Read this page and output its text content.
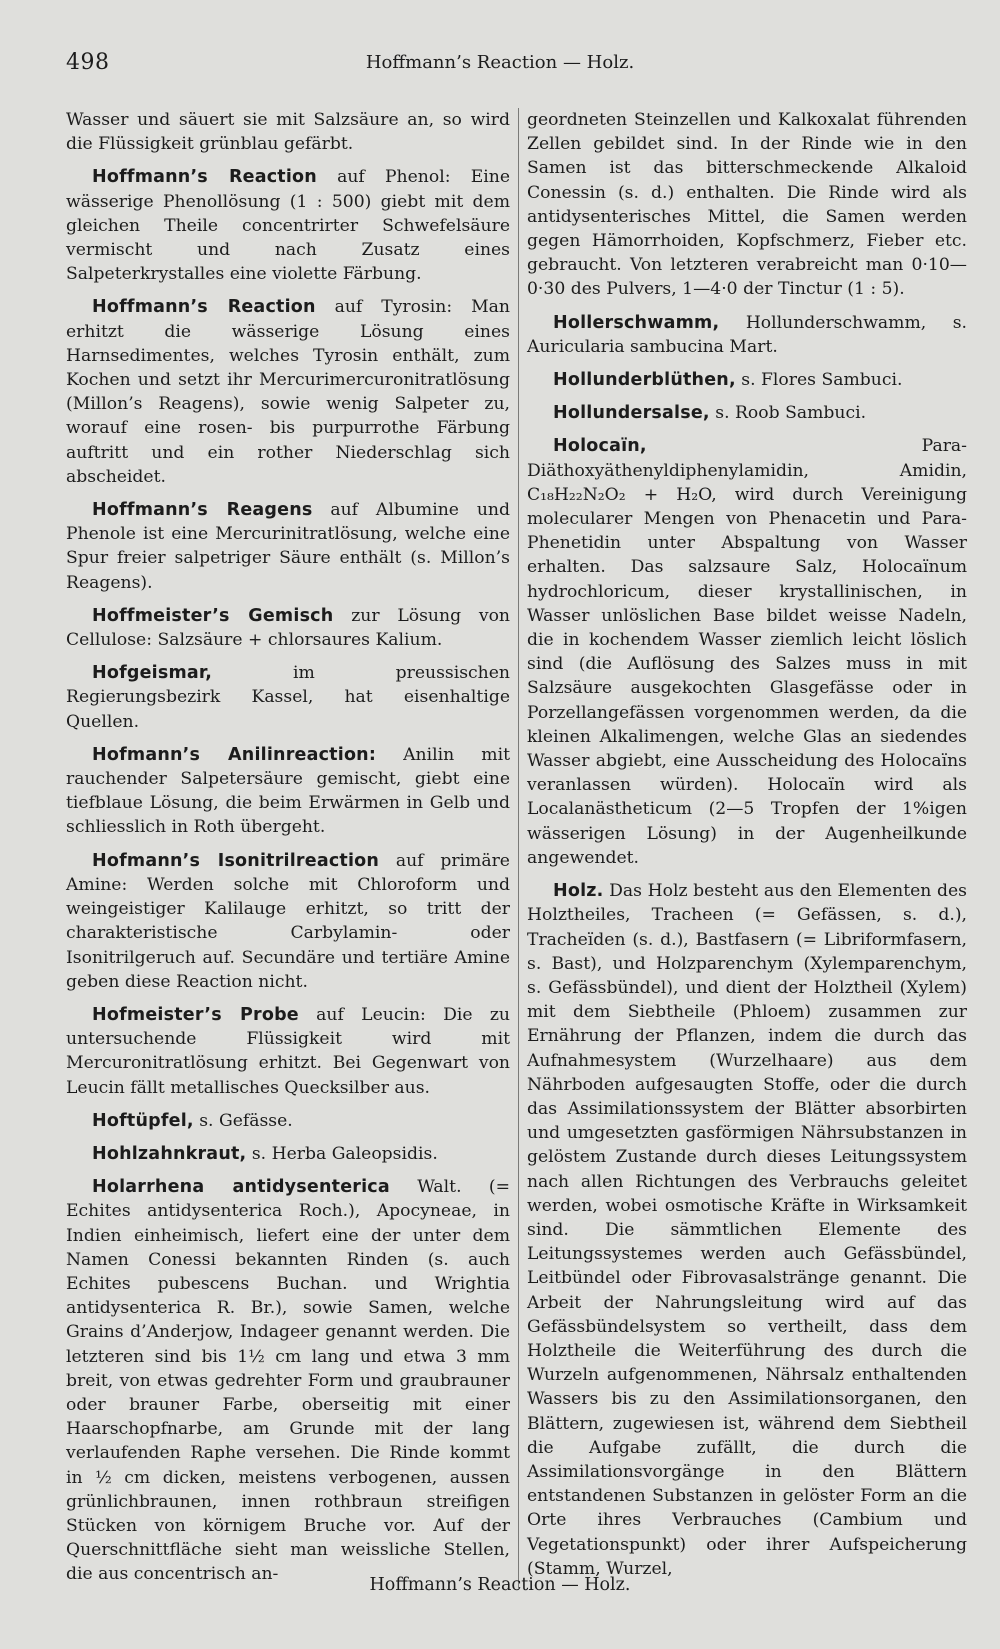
498	Hoffmann’s Reaction — Holz.

Wasser und säuert sie mit Salzsäure an, so wird die Flüssigkeit grünblau gefärbt.

Hoffmann’s Reaction auf Phenol: Eine wässerige Phenollösung (1 : 500) giebt mit dem gleichen Theile concentrirter Schwefelsäure vermischt und nach Zusatz eines Salpeterkrystalles eine violette Färbung.

Hoffmann’s Reaction auf Tyrosin: Man erhitzt die wässerige Lösung eines Harnsedimentes, welches Tyrosin enthält, zum Kochen und setzt ihr Mercurimercuronitratlösung (Millon’s Reagens), sowie wenig Salpeter zu, worauf eine rosen- bis purpurrothe Färbung auftritt und ein rother Niederschlag sich abscheidet.

Hoffmann’s Reagens auf Albumine und Phenole ist eine Mercurinitratlösung, welche eine Spur freier salpetriger Säure enthält (s. Millon’s Reagens).

Hoffmeister’s Gemisch zur Lösung von Cellulose: Salzsäure + chlorsaures Kalium.

Hofgeismar, im preussischen Regierungsbezirk Kassel, hat eisenhaltige Quellen.

Hofmann’s Anilinreaction: Anilin mit rauchender Salpetersäure gemischt, giebt eine tiefblaue Lösung, die beim Erwärmen in Gelb und schliesslich in Roth übergeht.

Hofmann’s Isonitrilreaction auf primäre Amine: Werden solche mit Chloroform und weingeistiger Kalilauge erhitzt, so tritt der charakteristische Carbylamin- oder Isonitrilgeruch auf. Secundäre und tertiäre Amine geben diese Reaction nicht.

Hofmeister’s Probe auf Leucin: Die zu untersuchende Flüssigkeit wird mit Mercuronitratlösung erhitzt. Bei Gegenwart von Leucin fällt metallisches Quecksilber aus.

Hoftüpfel, s. Gefässe.

Hohlzahnkraut, s. Herba Galeopsidis.

Holarrhena antidysenterica Walt. (= Echites antidysenterica Roch.), Apocyneae, in Indien einheimisch, liefert eine der unter dem Namen Conessi bekannten Rinden (s. auch Echites pubescens Buchan. und Wrightia antidysenterica R. Br.), sowie Samen, welche Grains d’Anderjow, Indageer genannt werden. Die letzteren sind bis 1½ cm lang und etwa 3 mm breit, von etwas gedrehter Form und graubrauner oder brauner Farbe, oberseitig mit einer Haarschopfnarbe, am Grunde mit der lang verlaufenden Raphe versehen. Die Rinde kommt in ½ cm dicken, meistens verbogenen, aussen grünlichbraunen, innen rothbraun streifigen Stücken von körnigem Bruche vor. Auf der Querschnittfläche sieht man weissliche Stellen, die aus concentrisch an-

geordneten Steinzellen und Kalkoxalat führenden Zellen gebildet sind. In der Rinde wie in den Samen ist das bitterschmeckende Alkaloid Conessin (s. d.) enthalten. Die Rinde wird als antidysenterisches Mittel, die Samen werden gegen Hämorrhoiden, Kopfschmerz, Fieber etc. gebraucht. Von letzteren verabreicht man 0·10—0·30 des Pulvers, 1—4·0 der Tinctur (1 : 5).

Hollerschwamm, Hollunderschwamm, s. Auricularia sambucina Mart.

Hollunderblüthen, s. Flores Sambuci.

Hollundersalse, s. Roob Sambuci.

Holocaïn, Para-Diäthoxyäthenyldiphenylamidin, Amidin, C₁₈H₂₂N₂O₂ + H₂O, wird durch Vereinigung molecularer Mengen von Phenacetin und Para-Phenetidin unter Abspaltung von Wasser erhalten. Das salzsaure Salz, Holocaïnum hydrochloricum, dieser krystallinischen, in Wasser unlöslichen Base bildet weisse Nadeln, die in kochendem Wasser ziemlich leicht löslich sind (die Auflösung des Salzes muss in mit Salzsäure ausgekochten Glasgefässe oder in Porzellangefässen vorgenommen werden, da die kleinen Alkalimengen, welche Glas an siedendes Wasser abgiebt, eine Ausscheidung des Holocaïns veranlassen würden). Holocaïn wird als Localanästheticum (2—5 Tropfen der 1%igen wässerigen Lösung) in der Augenheilkunde angewendet.

Holz. Das Holz besteht aus den Elementen des Holztheiles, Tracheen (= Gefässen, s. d.), Tracheïden (s. d.), Bastfasern (= Libriformfasern, s. Bast), und Holzparenchym (Xylemparenchym, s. Gefässbündel), und dient der Holztheil (Xylem) mit dem Siebtheile (Phloem) zusammen zur Ernährung der Pflanzen, indem die durch das Aufnahmesystem (Wurzelhaare) aus dem Nährboden aufgesaugten Stoffe, oder die durch das Assimilationssystem der Blätter absorbirten und umgesetzten gasförmigen Nährsubstanzen in gelöstem Zustande durch dieses Leitungssystem nach allen Richtungen des Verbrauchs geleitet werden, wobei osmotische Kräfte in Wirksamkeit sind. Die sämmtlichen Elemente des Leitungssystemes werden auch Gefässbündel, Leitbündel oder Fibrovasalstränge genannt. Die Arbeit der Nahrungsleitung wird auf das Gefässbündelsystem so vertheilt, dass dem Holztheile die Weiterführung des durch die Wurzeln aufgenommenen, Nährsalz enthaltenden Wassers bis zu den Assimilationsorganen, den Blättern, zugewiesen ist, während dem Siebtheil die Aufgabe zufällt, die durch die Assimilationsvorgänge in den Blättern entstandenen Substanzen in gelöster Form an die Orte ihres Verbrauches (Cambium und Vegetationspunkt) oder ihrer Aufspeicherung (Stamm, Wurzel,

Hoffmann’s Reaction — Holz.
